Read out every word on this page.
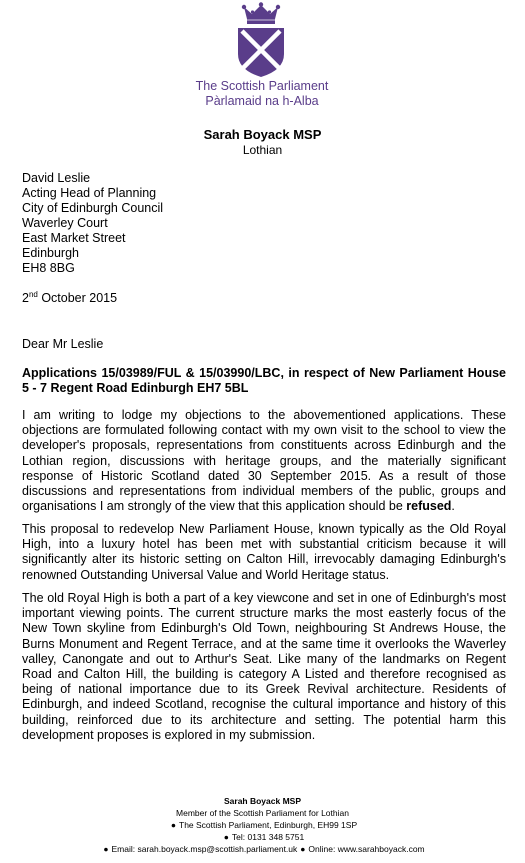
The Scottish Parliament
Pàrlamaid na h-Alba
Sarah Boyack MSP
Lothian
David Leslie
Acting Head of Planning
City of Edinburgh Council
Waverley Court
East Market Street
Edinburgh
EH8 8BG
2nd October 2015
Dear Mr Leslie
Applications 15/03989/FUL & 15/03990/LBC, in respect of New Parliament House 5 - 7 Regent Road Edinburgh EH7 5BL
I am writing to lodge my objections to the abovementioned applications. These objections are formulated following contact with my own visit to the school to view the developer's proposals, representations from constituents across Edinburgh and the Lothian region, discussions with heritage groups, and the materially significant response of Historic Scotland dated 30 September 2015. As a result of those discussions and representations from individual members of the public, groups and organisations I am strongly of the view that this application should be refused.
This proposal to redevelop New Parliament House, known typically as the Old Royal High, into a luxury hotel has been met with substantial criticism because it will significantly alter its historic setting on Calton Hill, irrevocably damaging Edinburgh's renowned Outstanding Universal Value and World Heritage status.
The old Royal High is both a part of a key viewcone and set in one of Edinburgh's most important viewing points. The current structure marks the most easterly focus of the New Town skyline from Edinburgh's Old Town, neighbouring St Andrews House, the Burns Monument and Regent Terrace, and at the same time it overlooks the Waverley valley, Canongate and out to Arthur's Seat. Like many of the landmarks on Regent Road and Calton Hill, the building is category A Listed and therefore recognised as being of national importance due to its Greek Revival architecture. Residents of Edinburgh, and indeed Scotland, recognise the cultural importance and history of this building, reinforced due to its architecture and setting. The potential harm this development proposes is explored in my submission.
Sarah Boyack MSP
Member of the Scottish Parliament for Lothian
● The Scottish Parliament, Edinburgh, EH99 1SP
● Tel: 0131 348 5751
● Email: sarah.boyack.msp@scottish.parliament.uk ● Online: www.sarahboyack.com
